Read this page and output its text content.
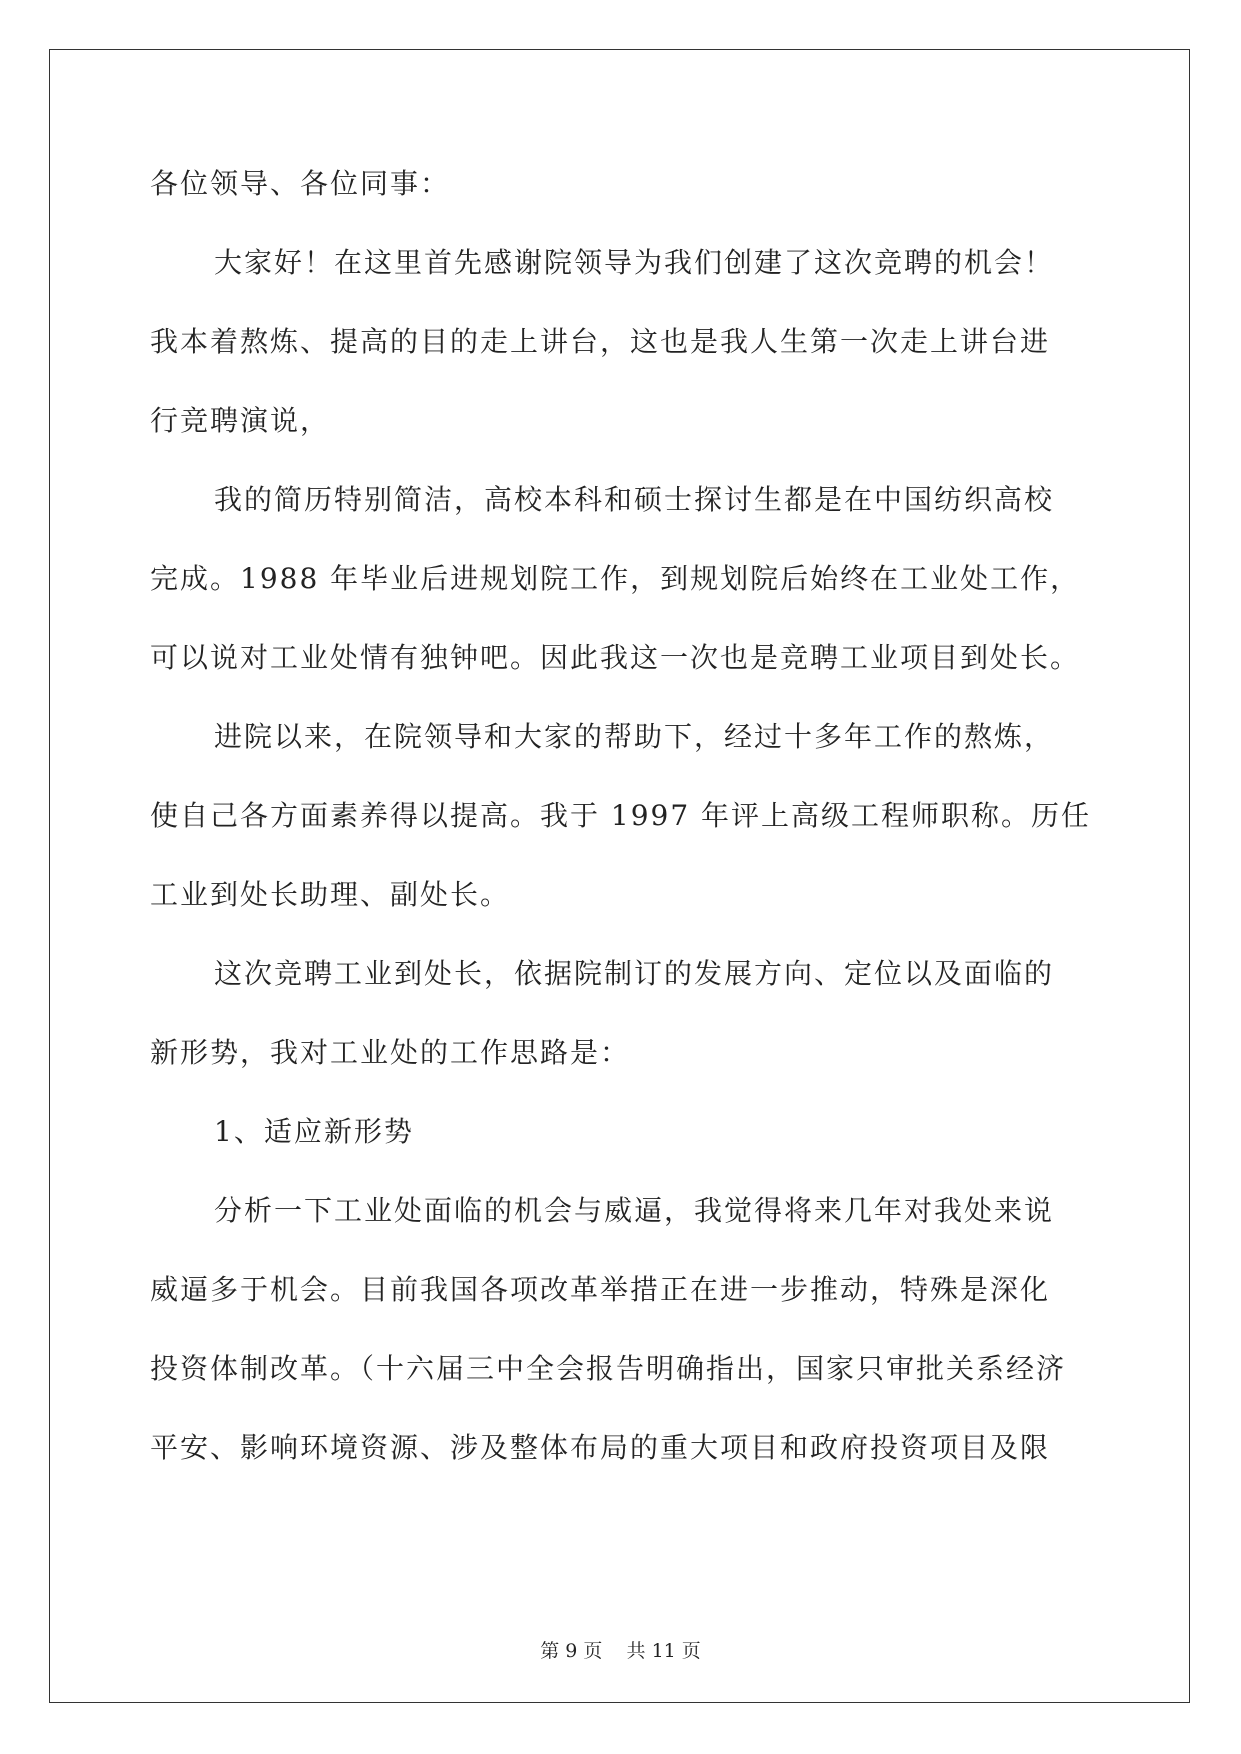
各位领导、各位同事：
大家好！在这里首先感谢院领导为我们创建了这次竞聘的机会！
我本着熬炼、提高的目的走上讲台，这也是我人生第一次走上讲台进
行竞聘演说，
我的简历特别简洁，高校本科和硕士探讨生都是在中国纺织高校
完成。1988 年毕业后进规划院工作，到规划院后始终在工业处工作，
可以说对工业处情有独钟吧。因此我这一次也是竞聘工业项目到处长。
进院以来，在院领导和大家的帮助下，经过十多年工作的熬炼，
使自己各方面素养得以提高。我于 1997 年评上高级工程师职称。历任
工业到处长助理、副处长。
这次竞聘工业到处长，依据院制订的发展方向、定位以及面临的
新形势，我对工业处的工作思路是：
1、适应新形势
分析一下工业处面临的机会与威逼，我觉得将来几年对我处来说
威逼多于机会。目前我国各项改革举措正在进一步推动，特殊是深化
投资体制改革。（十六届三中全会报告明确指出，国家只审批关系经济
平安、影响环境资源、涉及整体布局的重大项目和政府投资项目及限
第 9 页    共 11 页
